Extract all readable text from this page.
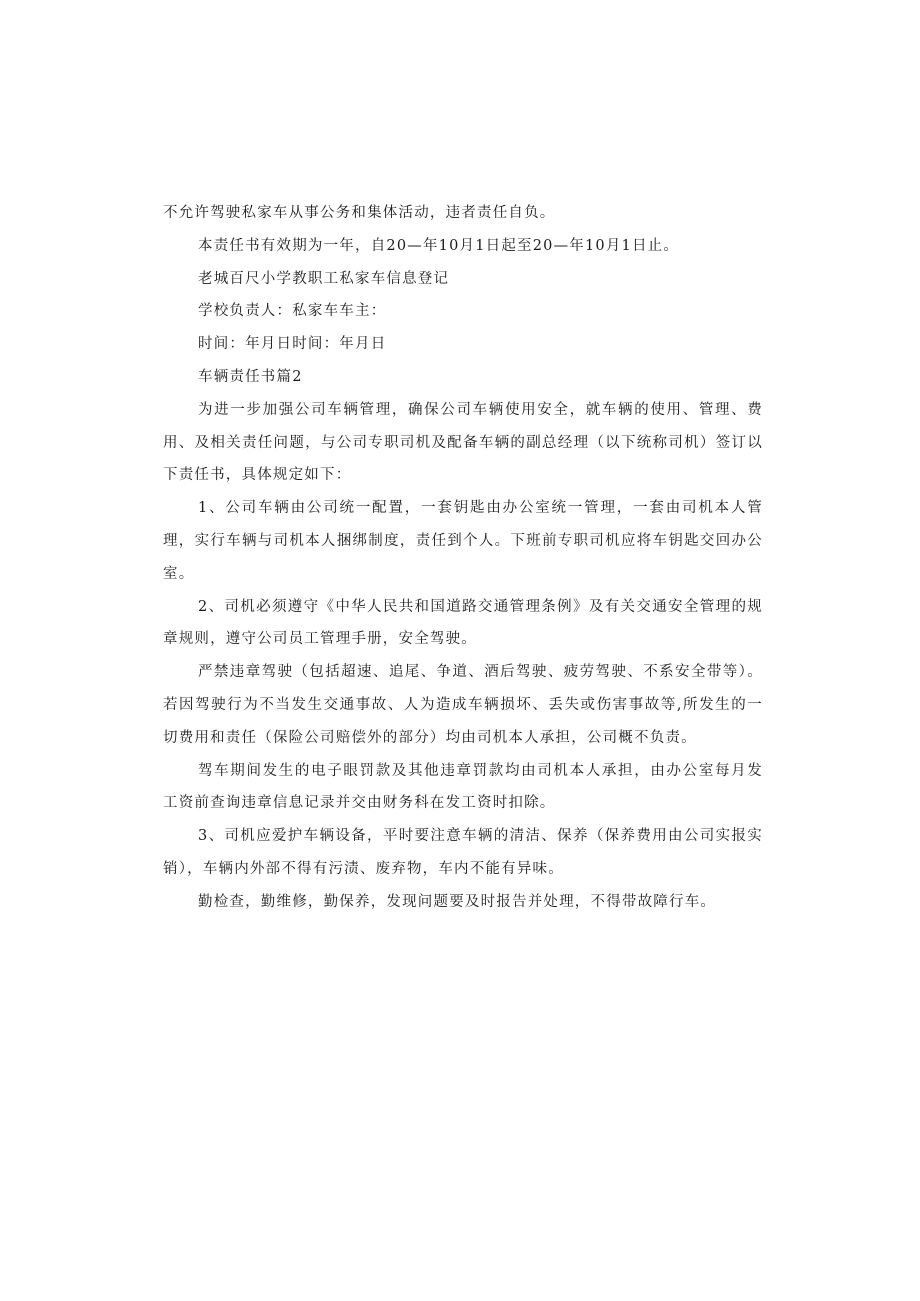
不允许驾驶私家车从事公务和集体活动，违者责任自负。

本责任书有效期为一年，自20—年10月1日起至20—年10月1日止。

老城百尺小学教职工私家车信息登记

学校负责人：私家车车主：

时间：年月日时间：年月日

车辆责任书篇2

为进一步加强公司车辆管理，确保公司车辆使用安全，就车辆的使用、管理、费用、及相关责任问题，与公司专职司机及配备车辆的副总经理（以下统称司机）签订以下责任书，具体规定如下：

1、公司车辆由公司统一配置，一套钥匙由办公室统一管理，一套由司机本人管理，实行车辆与司机本人捆绑制度，责任到个人。下班前专职司机应将车钥匙交回办公室。

2、司机必须遵守《中华人民共和国道路交通管理条例》及有关交通安全管理的规章规则，遵守公司员工管理手册，安全驾驶。

严禁违章驾驶（包括超速、追尾、争道、酒后驾驶、疲劳驾驶、不系安全带等）。若因驾驶行为不当发生交通事故、人为造成车辆损坏、丢失或伤害事故等,所发生的一切费用和责任（保险公司赔偿外的部分）均由司机本人承担，公司概不负责。

驾车期间发生的电子眼罚款及其他违章罚款均由司机本人承担，由办公室每月发工资前查询违章信息记录并交由财务科在发工资时扣除。

3、司机应爱护车辆设备，平时要注意车辆的清洁、保养（保养费用由公司实报实销），车辆内外部不得有污渍、废弃物，车内不能有异味。

勤检查，勤维修，勤保养，发现问题要及时报告并处理，不得带故障行车。
